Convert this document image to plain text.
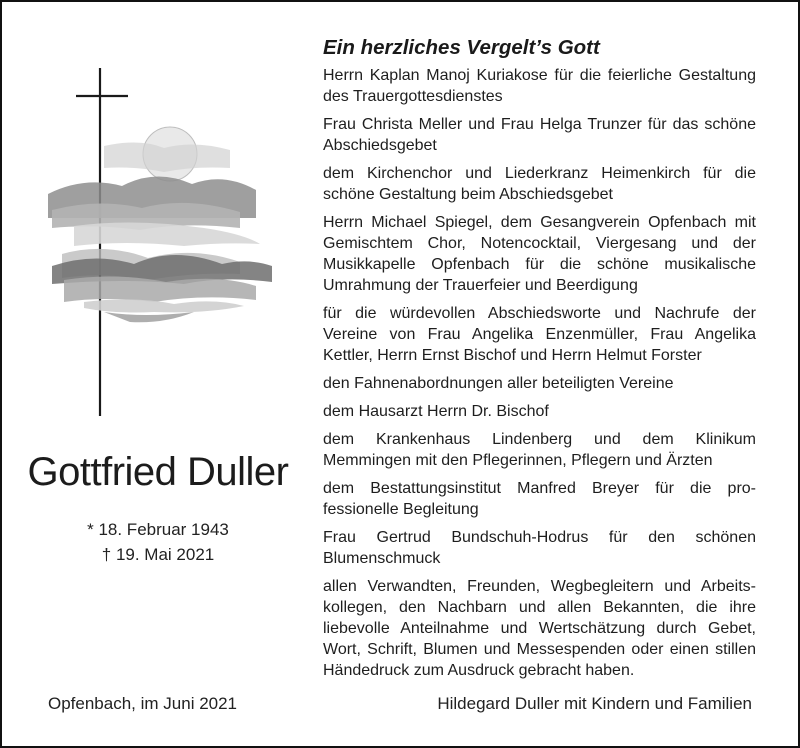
Gottfried Duller
* 18. Februar 1943
† 19. Mai 2021
Ein herzliches Vergelt’s Gott
Herrn Kaplan Manoj Kuriakose für die feierliche Gestaltung des Trauergottesdienstes
Frau Christa Meller und Frau Helga Trunzer für das schöne Abschiedsgebet
dem Kirchenchor und Liederkranz Heimenkirch für die schöne Gestaltung beim Abschiedsgebet
Herrn Michael Spiegel, dem Gesangverein Opfenbach mit Gemischtem Chor, Notencocktail, Viergesang und der Musikkapelle Opfenbach für die schöne musikalische Umrahmung der Trauerfeier und Beerdigung
für die würdevollen Abschiedsworte und Nachrufe der Vereine von Frau Angelika Enzenmüller, Frau Angelika Kettler, Herrn Ernst Bischof und Herrn Helmut Forster
den Fahnenabordnungen aller beteiligten Vereine
dem Hausarzt Herrn Dr. Bischof
dem Krankenhaus Lindenberg und dem Klinikum Memmingen mit den Pflegerinnen, Pflegern und Ärzten
dem Bestattungsinstitut Manfred Breyer für die professionelle Begleitung
Frau Gertrud Bundschuh-Hodrus für den schönen Blumenschmuck
allen Verwandten, Freunden, Wegbegleitern und Arbeitskollegen, den Nachbarn und allen Bekannten, die ihre liebevolle Anteilnahme und Wertschätzung durch Gebet, Wort, Schrift, Blumen und Messespenden oder einen stillen Händedruck zum Ausdruck gebracht haben.
Opfenbach, im Juni 2021	Hildegard Duller mit Kindern und Familien
